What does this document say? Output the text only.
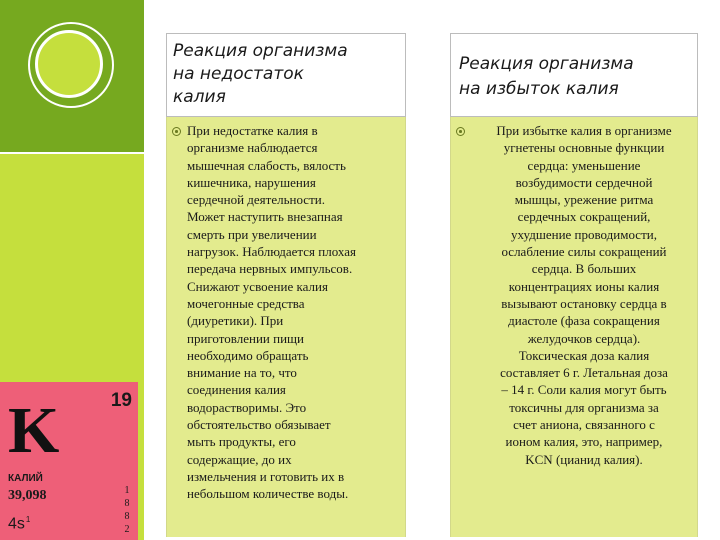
19
K
КАЛИЙ
39,098
$4s^1$
1
8
8
2
Реакция организма
на недостаток
калия
При недостатке калия в
организме наблюдается
мышечная слабость, вялость
кишечника, нарушения
сердечной деятельности.
Может наступить внезапная
смерть при увеличении
нагрузок. Наблюдается плохая
передача нервных импульсов.
Снижают усвоение калия
мочегонные средства
(диуретики). При
приготовлении пищи
необходимо обращать
внимание на то, что
соединения калия
водорастворимы. Это
обстоятельство обязывает
мыть продукты, его
содержащие, до их
измельчения и готовить их в
небольшом количестве воды.
Реакция организма
на избыток калия
При избытке калия в организме
угнетены основные функции
сердца: уменьшение
возбудимости сердечной
мышцы, урежение ритма
сердечных сокращений,
ухудшение проводимости,
ослабление силы сокращений
сердца. В больших
концентрациях ионы калия
вызывают остановку сердца в
диастоле (фаза сокращения
желудочков сердца).
Токсическая доза калия
составляет 6 г. Летальная доза
– 14 г. Соли калия могут быть
токсичны для организма за
счет аниона, связанного с
ионом калия, это, например,
KCN (цианид калия).
